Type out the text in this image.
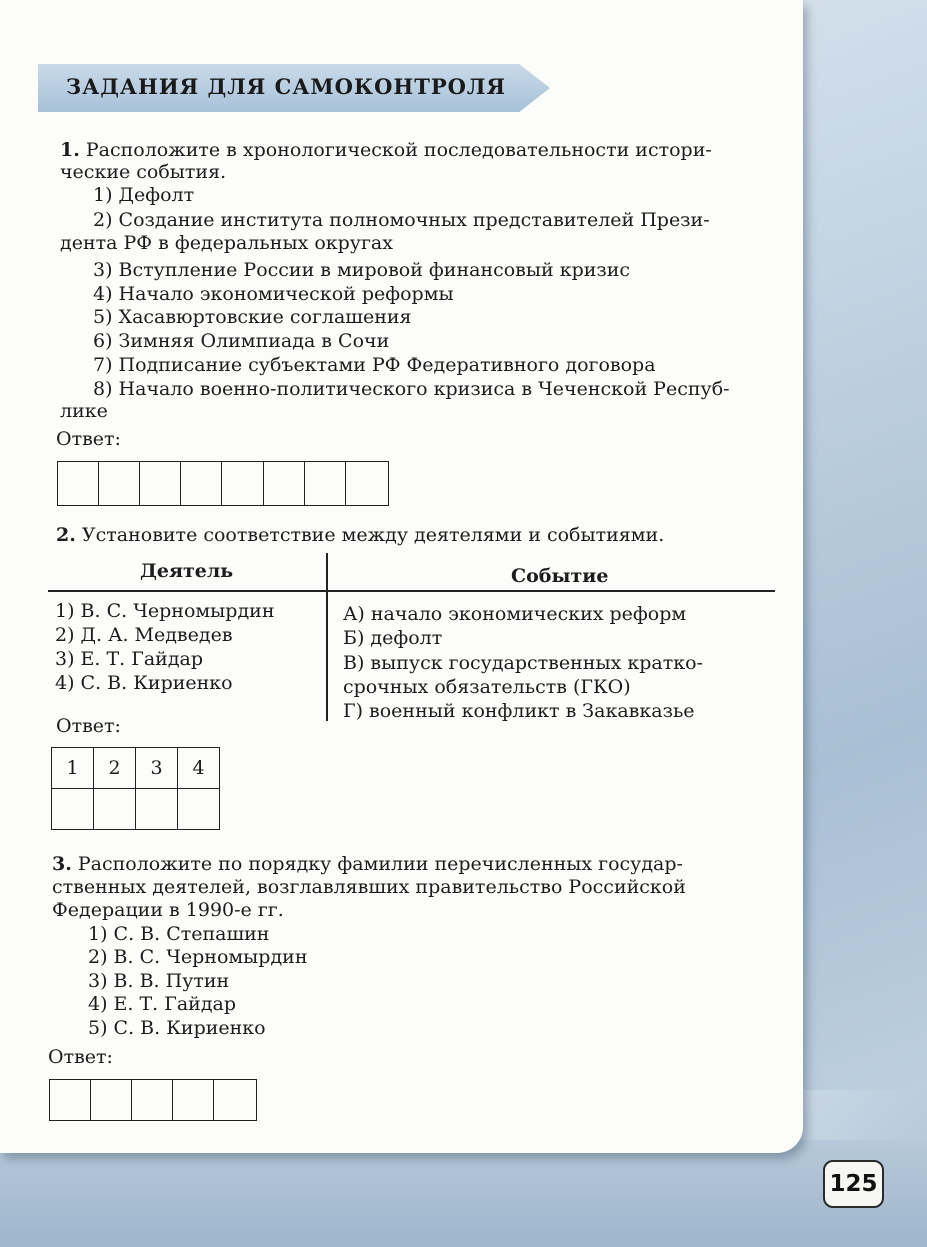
ЗАДАНИЯ ДЛЯ САМОКОНТРОЛЯ
1. Расположите в хронологической последовательности истори-
ческие события.
1) Дефолт
2) Создание института полномочных представителей Прези-
дента РФ в федеральных округах
3) Вступление России в мировой финансовый кризис
4) Начало экономической реформы
5) Хасавюртовские соглашения
6) Зимняя Олимпиада в Сочи
7) Подписание субъектами РФ Федеративного договора
8) Начало военно-политического кризиса в Чеченской Респуб-
лике
Ответ:
2. Установите соответствие между деятелями и событиями.
Деятель	Событие
1) В. С. Черномырдин
2) Д. А. Медведев
3) Е. Т. Гайдар
4) С. В. Кириенко
А) начало экономических реформ
Б) дефолт
В) выпуск государственных кратко-
срочных обязательств (ГКО)
Г) военный конфликт в Закавказье
Ответ:
1	2	3	4

3. Расположите по порядку фамилии перечисленных государ-
ственных деятелей, возглавлявших правительство Российской
Федерации в 1990-е гг.
1) С. В. Степашин
2) В. С. Черномырдин
3) В. В. Путин
4) Е. Т. Гайдар
5) С. В. Кириенко
Ответ:
125
